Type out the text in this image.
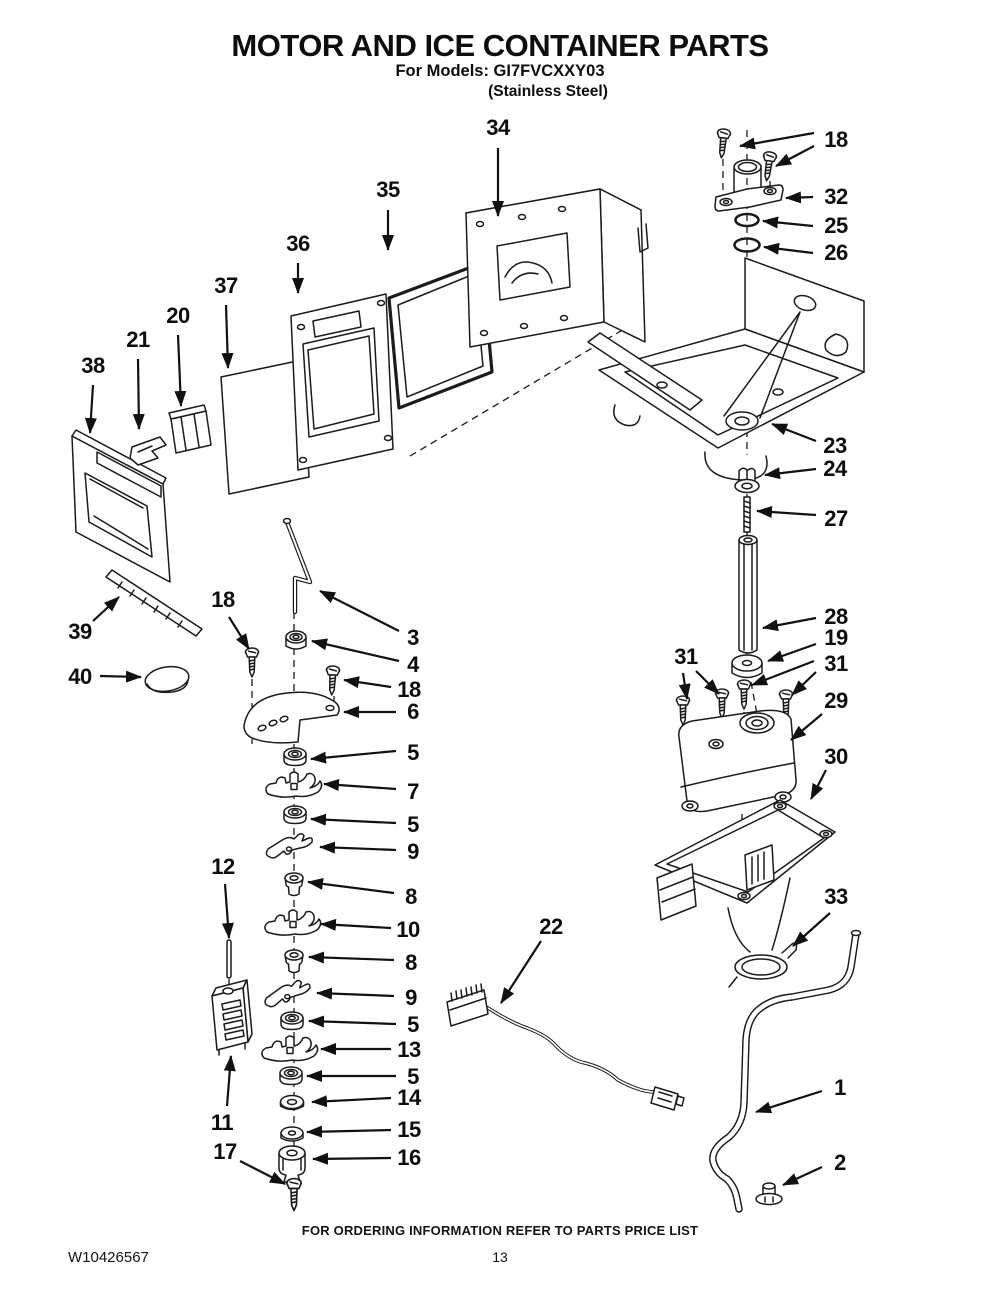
MOTOR AND ICE CONTAINER PARTS
For Models: GI7FVCXXY03
(Stainless Steel)
34	18
32
25
26
35
36
37
20
21
38
23
24
27
28
19
31	31
29
30
33
3
4
18
18
6
5
7
5
9
8
10
12
8
9
5
13
5
14
15
16
11
17
22
1
2
39
40
FOR ORDERING INFORMATION REFER TO PARTS PRICE LIST
W10426567	13
